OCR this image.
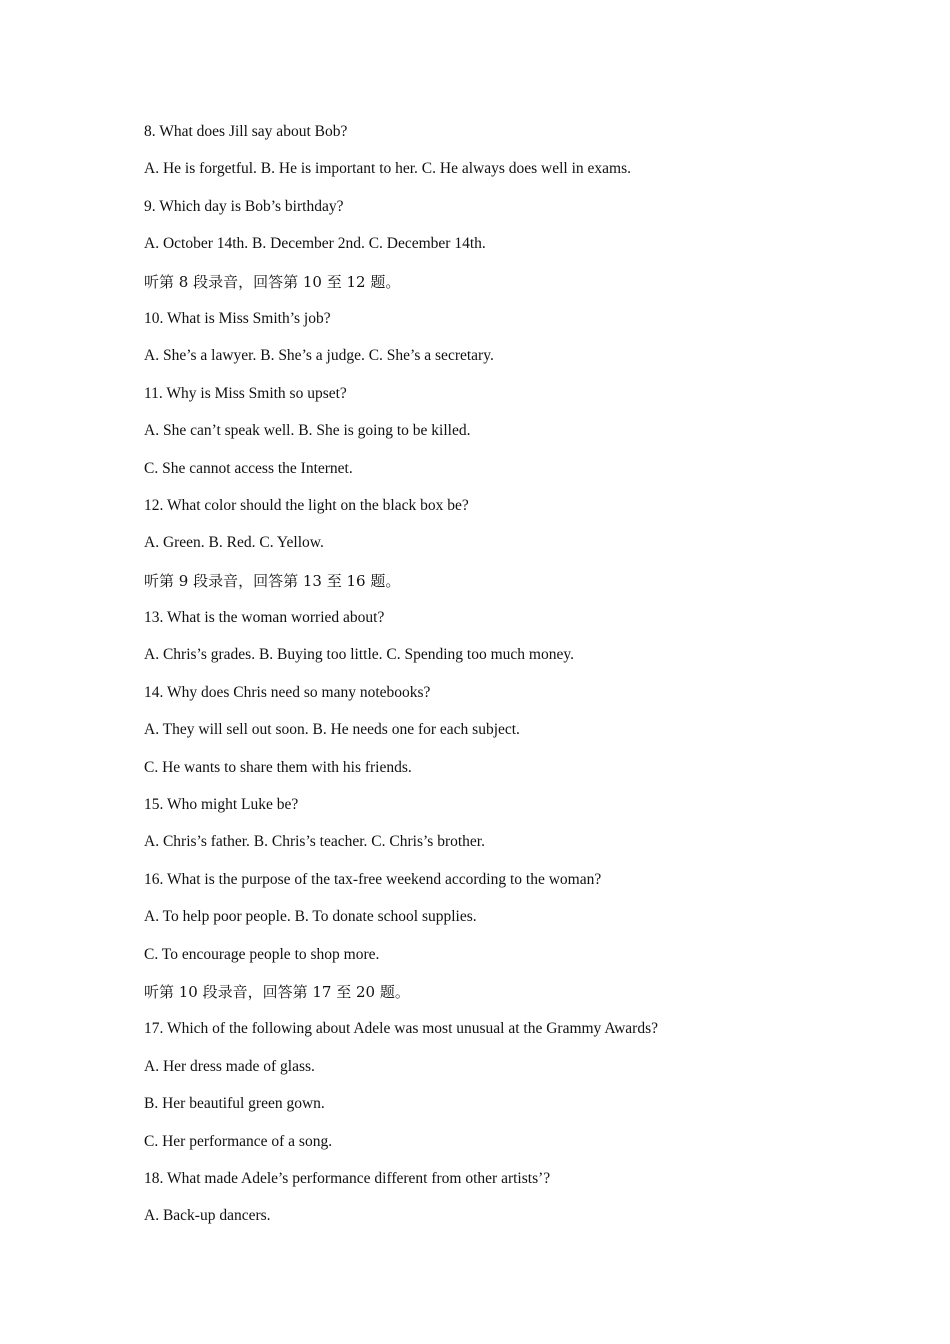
8. What does Jill say about Bob?
A. He is forgetful. B. He is important to her. C. He always does well in exams.
9. Which day is Bob’s birthday?
A. October 14th. B. December 2nd. C. December 14th.
听第 8 段录音，回答第 10 至 12 题。
10. What is Miss Smith’s job?
A. She’s a lawyer. B. She’s a judge. C. She’s a secretary.
11. Why is Miss Smith so upset?
A. She can’t speak well. B. She is going to be killed.
C. She cannot access the Internet.
12. What color should the light on the black box be?
A. Green. B. Red. C. Yellow.
听第 9 段录音，回答第 13 至 16 题。
13. What is the woman worried about?
A. Chris’s grades. B. Buying too little. C. Spending too much money.
14. Why does Chris need so many notebooks?
A. They will sell out soon. B. He needs one for each subject.
C. He wants to share them with his friends.
15. Who might Luke be?
A. Chris’s father. B. Chris’s teacher. C. Chris’s brother.
16. What is the purpose of the tax-free weekend according to the woman?
A. To help poor people. B. To donate school supplies.
C. To encourage people to shop more.
听第 10 段录音，回答第 17 至 20 题。
17. Which of the following about Adele was most unusual at the Grammy Awards?
A. Her dress made of glass.
B. Her beautiful green gown.
C. Her performance of a song.
18. What made Adele’s performance different from other artists’?
A. Back-up dancers.
